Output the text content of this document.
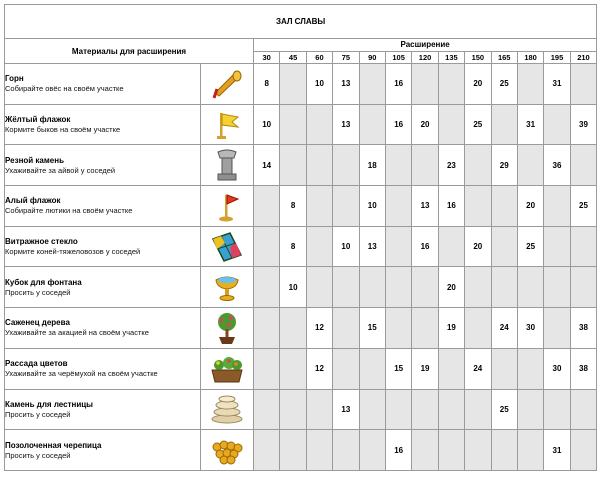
ЗАЛ СЛАВЫ														
Материалы для расширения		Расширение												
		30	45	60	75	90	105	120	135	150	165	180	195	210

Горн
Собирайте овёс на своём участке		8		10	13		16			20	25		31	

Жёлтый флажок
Кормите быков на своём участке		10			13		16	20		25		31		39

Резной камень
Ухаживайте за айвой у соседей		14				18			23		29		36	

Алый флажок
Собирайте лютики на своём участке			8			10		13	16			20		25

Витражное стекло
Кормите коней-тяжеловозов у соседей			8		10	13		16		20		25		

Кубок для фонтана
Просить у соседей			10						20					

Саженец дерева
Ухаживайте за акацией на своём участке				12		15			19		24	30		38

Рассада цветов
Ухаживайте за черёмухой на своём участке				12			15	19		24			30	38

Камень для лестницы
Просить у соседей					13						25			

Позолоченная черепица
Просить у соседей							16						31	
